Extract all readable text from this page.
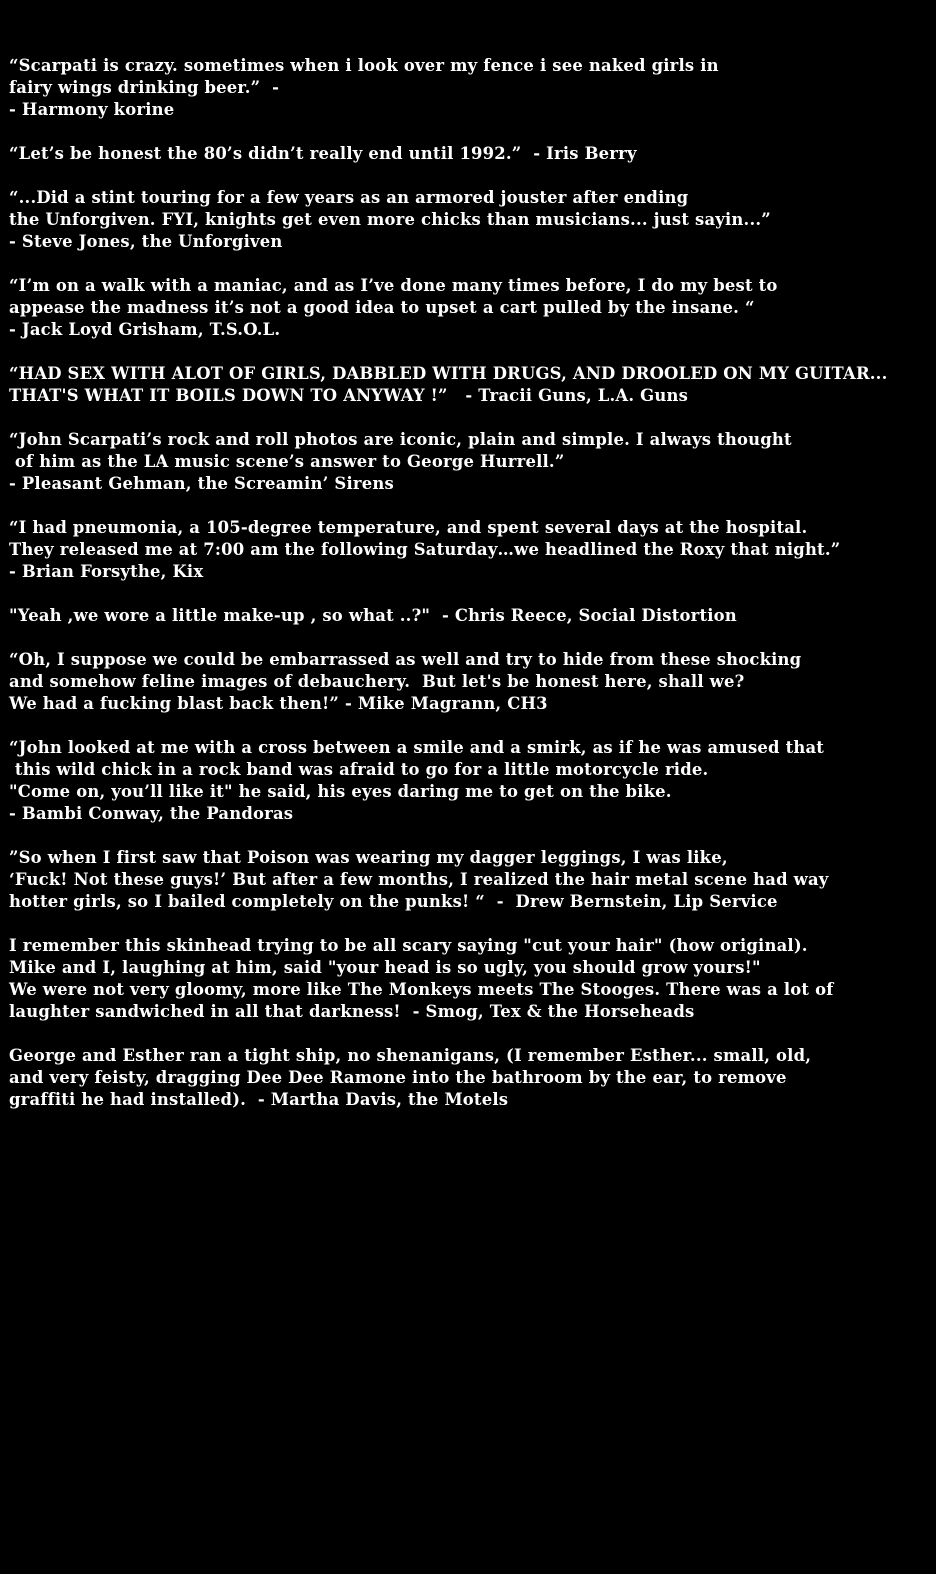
“Scarpati is crazy. sometimes when i look over my fence i see naked girls in
fairy wings drinking beer.”  -
- Harmony korine
“Let’s be honest the 80’s didn’t really end until 1992.”  - Iris Berry
“...Did a stint touring for a few years as an armored jouster after ending
the Unforgiven. FYI, knights get even more chicks than musicians... just sayin...”
- Steve Jones, the Unforgiven
“I’m on a walk with a maniac, and as I’ve done many times before, I do my best to
appease the madness it’s not a good idea to upset a cart pulled by the insane. “
- Jack Loyd Grisham, T.S.O.L.
“HAD SEX WITH ALOT OF GIRLS, DABBLED WITH DRUGS, AND DROOLED ON MY GUITAR...
THAT'S WHAT IT BOILS DOWN TO ANYWAY !”   - Tracii Guns, L.A. Guns
“John Scarpati’s rock and roll photos are iconic, plain and simple. I always thought
of him as the LA music scene’s answer to George Hurrell.”
- Pleasant Gehman, the Screamin’ Sirens
“I had pneumonia, a 105-degree temperature, and spent several days at the hospital.
They released me at 7:00 am the following Saturday…we headlined the Roxy that night.”
- Brian Forsythe, Kix
"Yeah ,we wore a little make-up , so what ..?"  - Chris Reece, Social Distortion
“Oh, I suppose we could be embarrassed as well and try to hide from these shocking
and somehow feline images of debauchery.  But let's be honest here, shall we?
We had a fucking blast back then!” - Mike Magrann, CH3
“John looked at me with a cross between a smile and a smirk, as if he was amused that
this wild chick in a rock band was afraid to go for a little motorcycle ride.
"Come on, you’ll like it" he said, his eyes daring me to get on the bike.
- Bambi Conway, the Pandoras
”So when I first saw that Poison was wearing my dagger leggings, I was like,
‘Fuck! Not these guys!’ But after a few months, I realized the hair metal scene had way
hotter girls, so I bailed completely on the punks! “  -  Drew Bernstein, Lip Service
I remember this skinhead trying to be all scary saying "cut your hair" (how original).
Mike and I, laughing at him, said "your head is so ugly, you should grow yours!"
We were not very gloomy, more like The Monkeys meets The Stooges. There was a lot of
laughter sandwiched in all that darkness!  - Smog, Tex & the Horseheads
George and Esther ran a tight ship, no shenanigans, (I remember Esther... small, old,
and very feisty, dragging Dee Dee Ramone into the bathroom by the ear, to remove
graffiti he had installed).  - Martha Davis, the Motels
